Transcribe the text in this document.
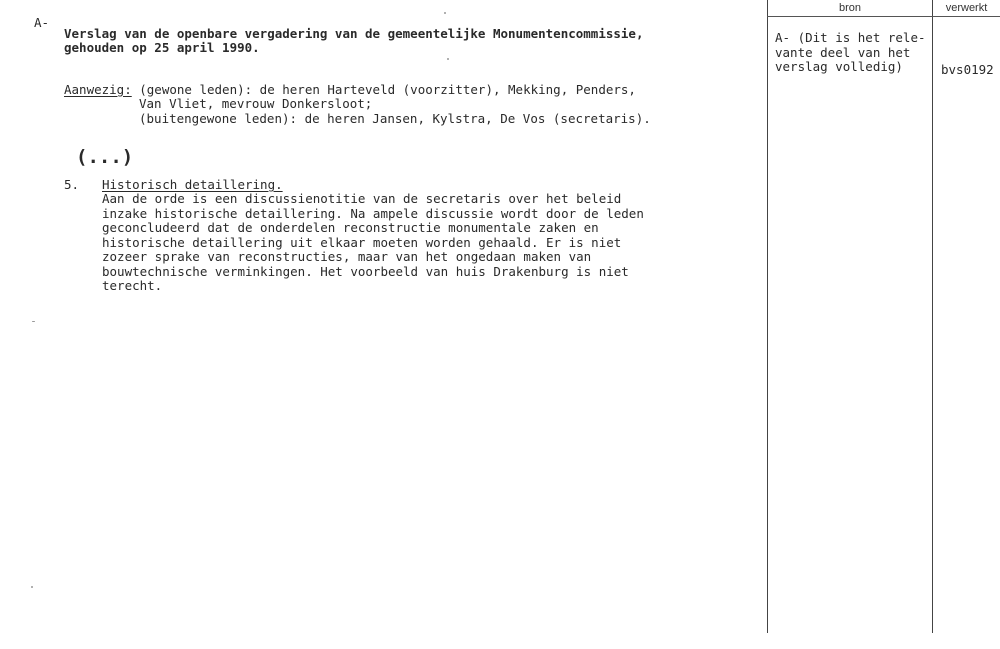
A-
Verslag van de openbare vergadering van de gemeentelijke Monumentencommissie,
gehouden op 25 april 1990.
Aanwezig: (gewone leden): de heren Harteveld (voorzitter), Mekking, Penders,
Van Vliet, mevrouw Donkersloot;
(buitengewone leden): de heren Jansen, Kylstra, De Vos (secretaris).
(...)
5. Historisch detaillering.
Aan de orde is een discussienotitie van de secretaris over het beleid
inzake historische detaillering. Na ampele discussie wordt door de leden
geconcludeerd dat de onderdelen reconstructie monumentale zaken en
historische detaillering uit elkaar moeten worden gehaald. Er is niet
zozeer sprake van reconstructies, maar van het ongedaan maken van
bouwtechnische verminkingen. Het voorbeeld van huis Drakenburg is niet
terecht.
bron	verwerkt
A- (Dit is het rele-
vante deel van het
verslag volledig)	bvs0192
